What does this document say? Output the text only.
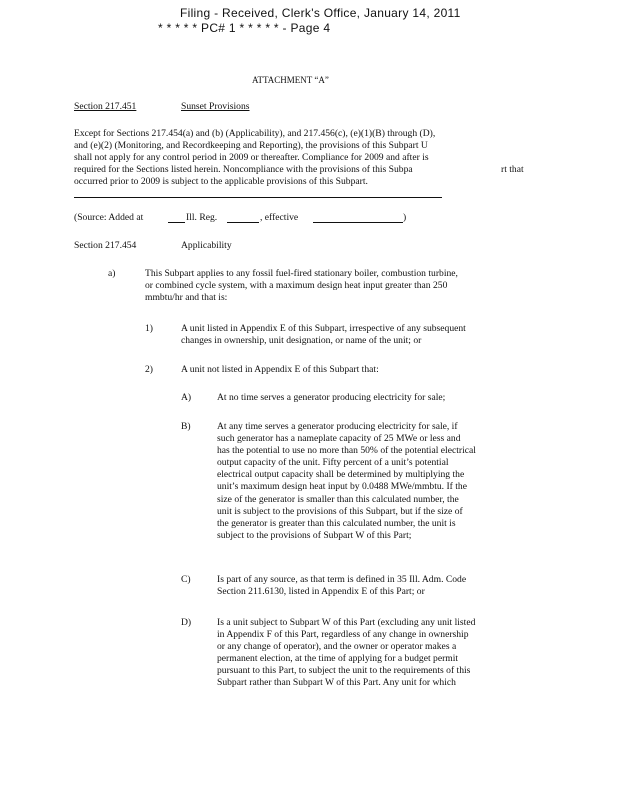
Filing - Received, Clerk's Office, January 14, 2011
* * * * * PC# 1 * * * * * - Page 4
ATTACHMENT “A”
Section 217.451	Sunset Provisions
Except for Sections 217.454(a) and (b) (Applicability), and 217.456(c), (e)(1)(B) through (D),
and (e)(2) (Monitoring, and Recordkeeping and Reporting), the provisions of this Subpart U
shall not apply for any control period in 2009 or thereafter. Compliance for 2009 and after is
required for the Sections listed herein. Noncompliance with the provisions of this Subpa
occurred prior to 2009 is subject to the applicable provisions of this Subpart.
rt that
(Source: Added at	Ill. Reg.	, effective	)
Section 217.454	Applicability
a)	This Subpart applies to any fossil fuel-fired stationary boiler, combustion turbine,
or combined cycle system, with a maximum design heat input greater than 250
mmbtu/hr and that is:
1)	A unit listed in Appendix E of this Subpart, irrespective of any subsequent
changes in ownership, unit designation, or name of the unit; or
2)	A unit not listed in Appendix E of this Subpart that:
A)	At no time serves a generator producing electricity for sale;
B)	At any time serves a generator producing electricity for sale, if
such generator has a nameplate capacity of 25 MWe or less and
has the potential to use no more than 50% of the potential electrical
output capacity of the unit. Fifty percent of a unit’s potential
electrical output capacity shall be determined by multiplying the
unit’s maximum design heat input by 0.0488 MWe/mmbtu. If the
size of the generator is smaller than this calculated number, the
unit is subject to the provisions of this Subpart, but if the size of
the generator is greater than this calculated number, the unit is
subject to the provisions of Subpart W of this Part;
C)	Is part of any source, as that term is defined in 35 Ill. Adm. Code
Section 211.6130, listed in Appendix E of this Part; or
D)	Is a unit subject to Subpart W of this Part (excluding any unit listed
in Appendix F of this Part, regardless of any change in ownership
or any change of operator), and the owner or operator makes a
permanent election, at the time of applying for a budget permit
pursuant to this Part, to subject the unit to the requirements of this
Subpart rather than Subpart W of this Part. Any unit for which
